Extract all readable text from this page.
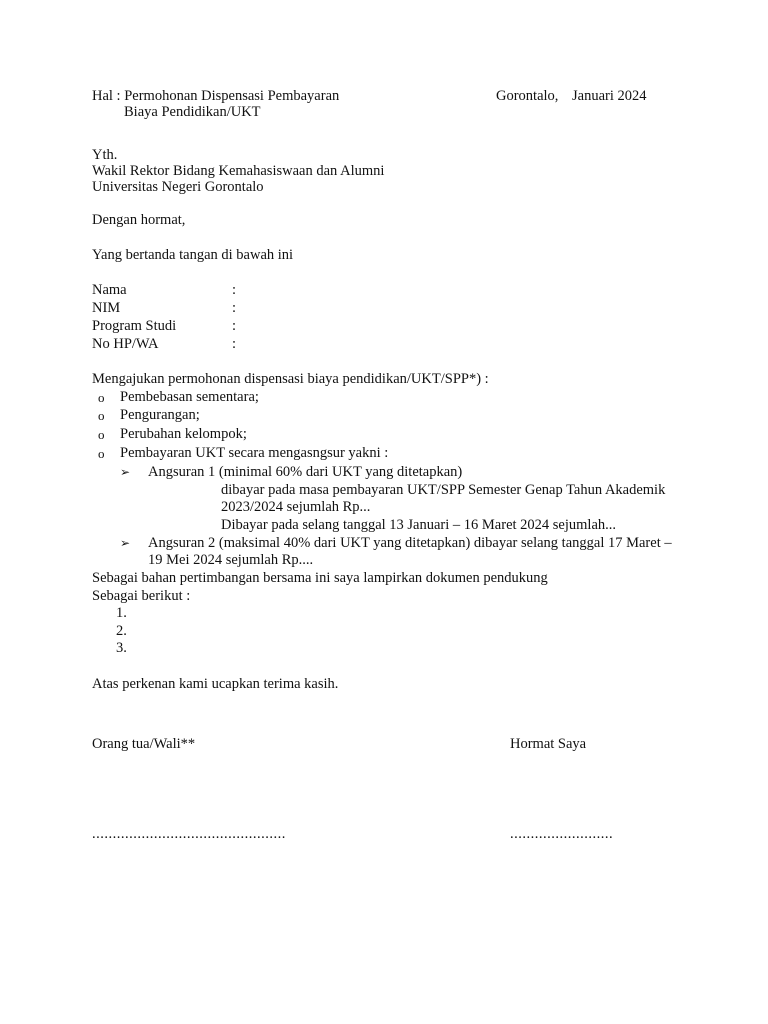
Hal : Permohonan Dispensasi Pembayaran
Biaya Pendidikan/UKT
Gorontalo, Januari 2024
Yth.
Wakil Rektor Bidang Kemahasiswaan dan Alumni
Universitas Negeri Gorontalo
Dengan hormat,
Yang bertanda tangan di bawah ini
Nama	:
NIM	:
Program Studi	:
No HP/WA	:
Mengajukan permohonan dispensasi biaya pendidikan/UKT/SPP*) :
o Pembebasan sementara;
o Pengurangan;
o Perubahan kelompok;
o Pembayaran UKT secara mengasngsur yakni :
➢ Angsuran 1 (minimal 60% dari UKT yang ditetapkan)
dibayar pada masa pembayaran UKT/SPP Semester Genap Tahun Akademik
2023/2024 sejumlah Rp...
Dibayar pada selang tanggal 13 Januari – 16 Maret 2024 sejumlah...
➢ Angsuran 2 (maksimal 40% dari UKT yang ditetapkan) dibayar selang tanggal 17 Maret –
19 Mei 2024 sejumlah Rp....
Sebagai bahan pertimbangan bersama ini saya lampirkan dokumen pendukung
Sebagai berikut :
1.
2.
3.
Atas perkenan kami ucapkan terima kasih.
Orang tua/Wali**	Hormat Saya
...............................................	.........................
